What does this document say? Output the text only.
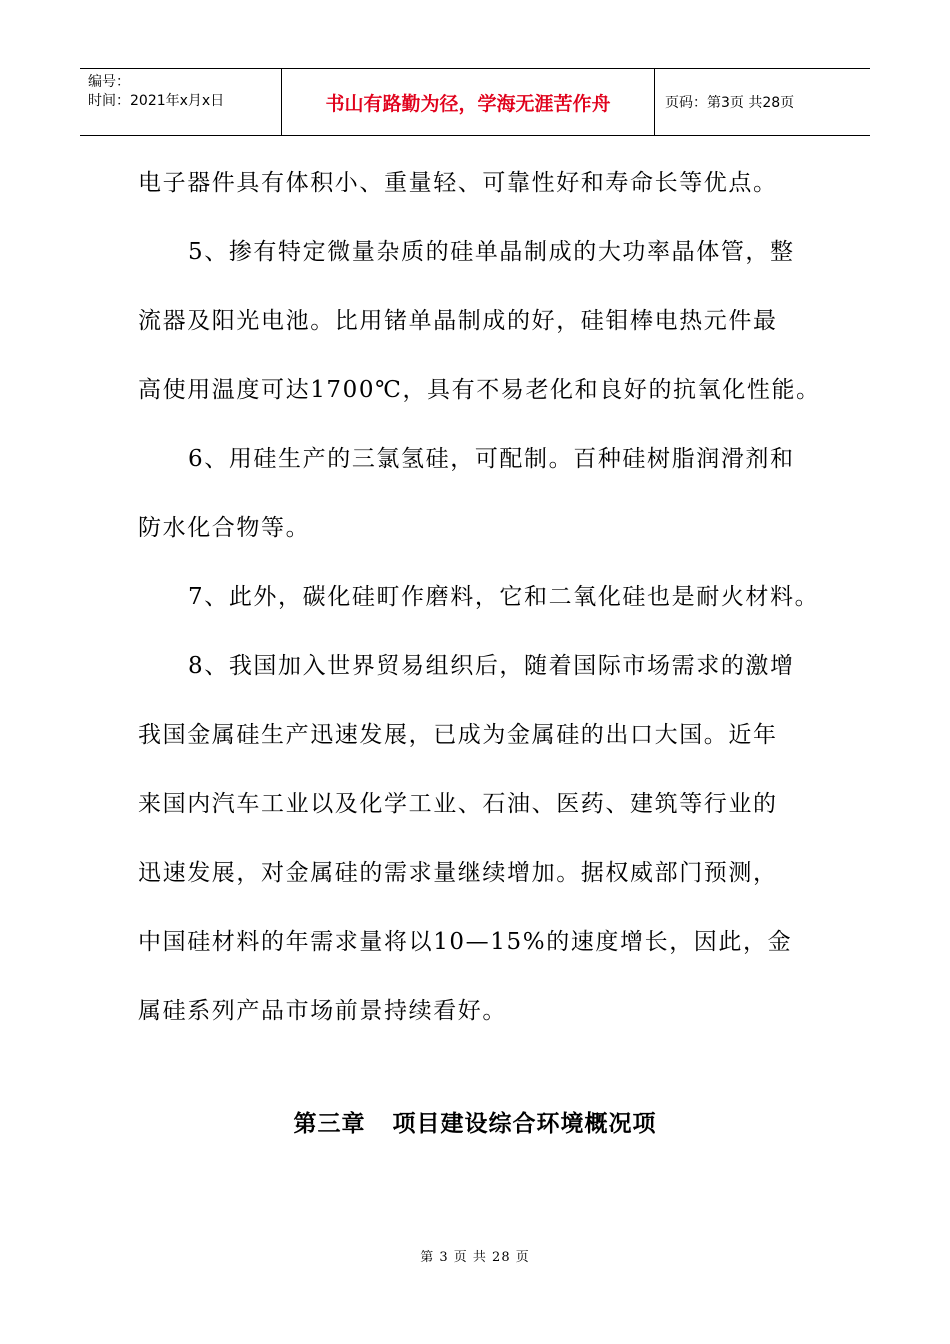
编号：
时间：2021年x月x日	书山有路勤为径，学海无涯苦作舟	页码：第3页 共28页
电子器件具有体积小、重量轻、可靠性好和寿命长等优点。
5、掺有特定微量杂质的硅单晶制成的大功率晶体管，整
流器及阳光电池。比用锗单晶制成的好，硅钼棒电热元件最
高使用温度可达1700℃，具有不易老化和良好的抗氧化性能。
6、用硅生产的三氯氢硅，可配制。百种硅树脂润滑剂和
防水化合物等。
7、此外，碳化硅町作磨料，它和二氧化硅也是耐火材料。
8、我国加入世界贸易组织后，随着国际市场需求的激增
我国金属硅生产迅速发展，已成为金属硅的出口大国。近年
来国内汽车工业以及化学工业、石油、医药、建筑等行业的
迅速发展，对金属硅的需求量继续增加。据权威部门预测，
中国硅材料的年需求量将以10—15%的速度增长，因此，金
属硅系列产品市场前景持续看好。
第三章   项目建设综合环境概况项
第 3 页 共 28 页
